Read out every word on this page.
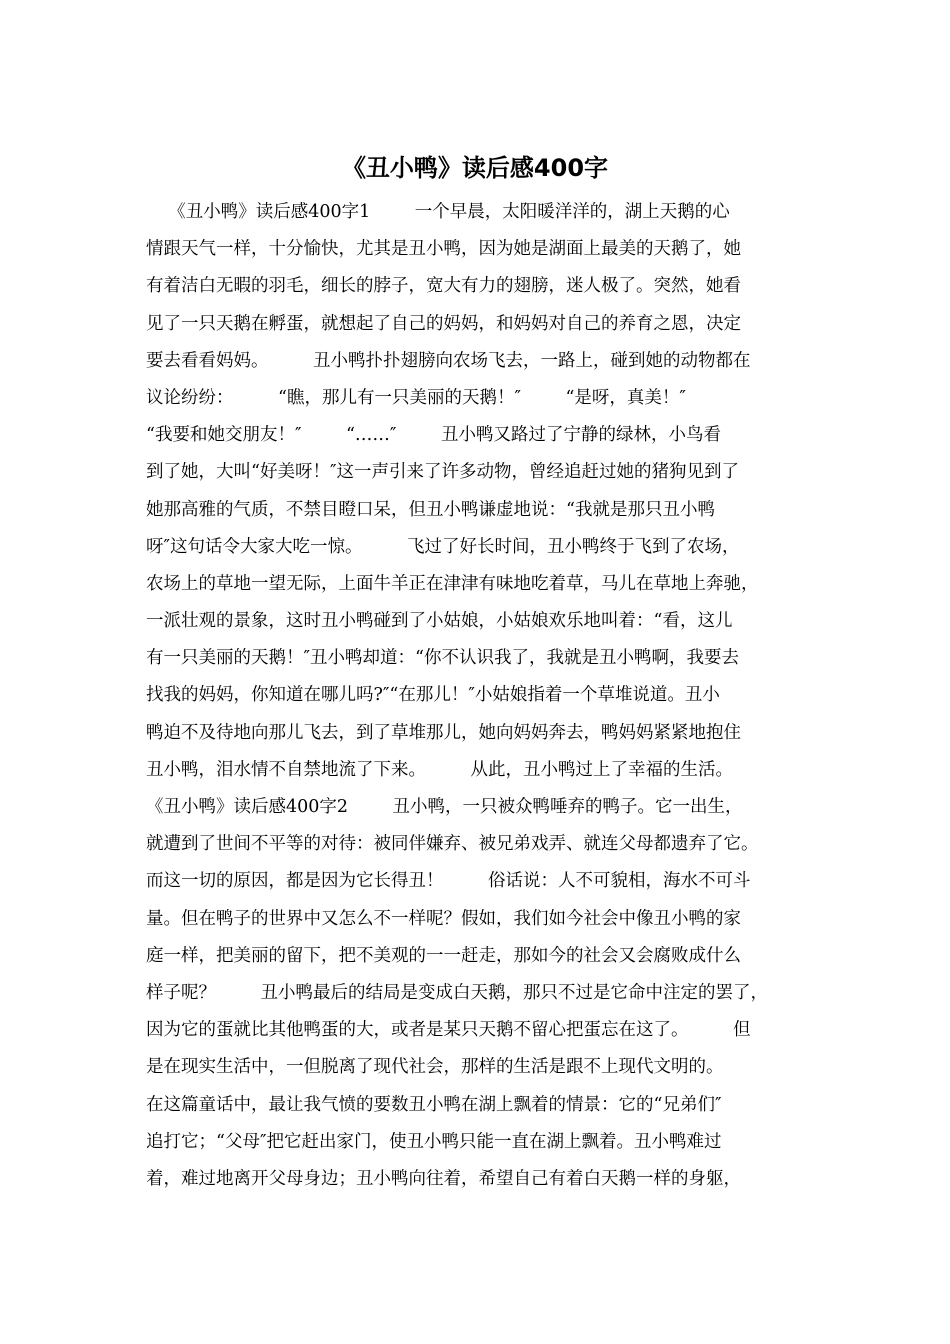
《丑小鸭》读后感400字
《丑小鸭》读后感400字1        一个早晨，太阳暖洋洋的，湖上天鹅的心
情跟天气一样，十分愉快，尤其是丑小鸭，因为她是湖面上最美的天鹅了，她
有着洁白无暇的羽毛，细长的脖子，宽大有力的翅膀，迷人极了。突然，她看
见了一只天鹅在孵蛋，就想起了自己的妈妈，和妈妈对自己的养育之恩，决定
要去看看妈妈。        丑小鸭扑扑翅膀向农场飞去，一路上，碰到她的动物都在
议论纷纷：        “瞧，那儿有一只美丽的天鹅！″        “是呀，真美！″
“我要和她交朋友！″        “……″        丑小鸭又路过了宁静的绿林，小鸟看
到了她，大叫“好美呀！″这一声引来了许多动物，曾经追赶过她的猪狗见到了
她那高雅的气质，不禁目瞪口呆，但丑小鸭谦虚地说：“我就是那只丑小鸭
呀″这句话令大家大吃一惊。        飞过了好长时间，丑小鸭终于飞到了农场，
农场上的草地一望无际，上面牛羊正在津津有味地吃着草，马儿在草地上奔驰，
一派壮观的景象，这时丑小鸭碰到了小姑娘，小姑娘欢乐地叫着：“看，这儿
有一只美丽的天鹅！″丑小鸭却道：“你不认识我了，我就是丑小鸭啊，我要去
找我的妈妈，你知道在哪儿吗?″“在那儿！″小姑娘指着一个草堆说道。丑小
鸭迫不及待地向那儿飞去，到了草堆那儿，她向妈妈奔去，鸭妈妈紧紧地抱住
丑小鸭，泪水情不自禁地流了下来。        从此，丑小鸭过上了幸福的生活。
《丑小鸭》读后感400字2        丑小鸭，一只被众鸭唾弃的鸭子。它一出生，
就遭到了世间不平等的对待：被同伴嫌弃、被兄弟戏弄、就连父母都遗弃了它。
而这一切的原因，都是因为它长得丑！        俗话说：人不可貌相，海水不可斗
量。但在鸭子的世界中又怎么不一样呢？假如，我们如今社会中像丑小鸭的家
庭一样，把美丽的留下，把不美观的一一赶走，那如今的社会又会腐败成什么
样子呢？        丑小鸭最后的结局是变成白天鹅，那只不过是它命中注定的罢了，
因为它的蛋就比其他鸭蛋的大，或者是某只天鹅不留心把蛋忘在这了。        但
是在现实生活中，一但脱离了现代社会，那样的生活是跟不上现代文明的。
在这篇童话中，最让我气愤的要数丑小鸭在湖上飘着的情景：它的“兄弟们″
追打它；“父母″把它赶出家门，使丑小鸭只能一直在湖上飘着。丑小鸭难过
着，难过地离开父母身边；丑小鸭向往着，希望自己有着白天鹅一样的身躯，
